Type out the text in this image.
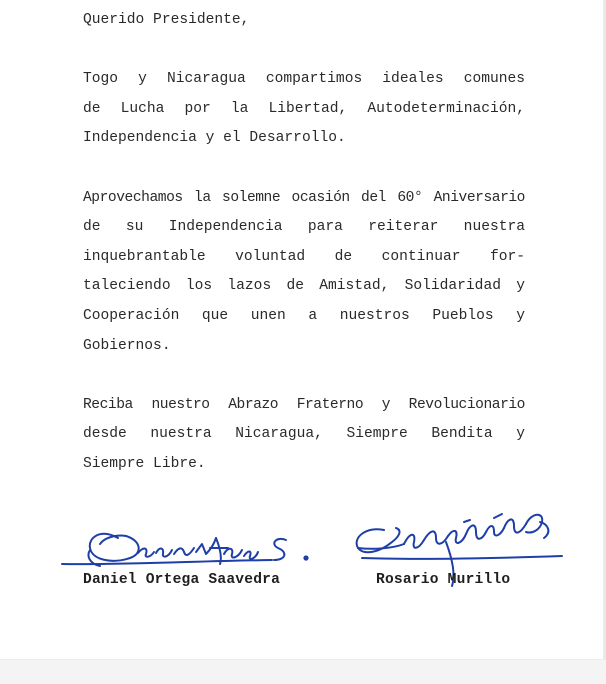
Querido Presidente,
Togo y Nicaragua compartimos ideales comunes
de Lucha por la Libertad, Autodeterminación,
Independencia y el Desarrollo.
Aprovechamos la solemne ocasión del 60° Aniversario
de su Independencia para reiterar nuestra
inquebrantable voluntad de continuar for-
taleciendo los lazos de Amistad, Solidaridad y
Cooperación que unen a nuestros Pueblos y
Gobiernos.
Reciba nuestro Abrazo Fraterno y Revolucionario
desde nuestra Nicaragua, Siempre Bendita y
Siempre Libre.
Daniel Ortega Saavedra	Rosario Murillo
